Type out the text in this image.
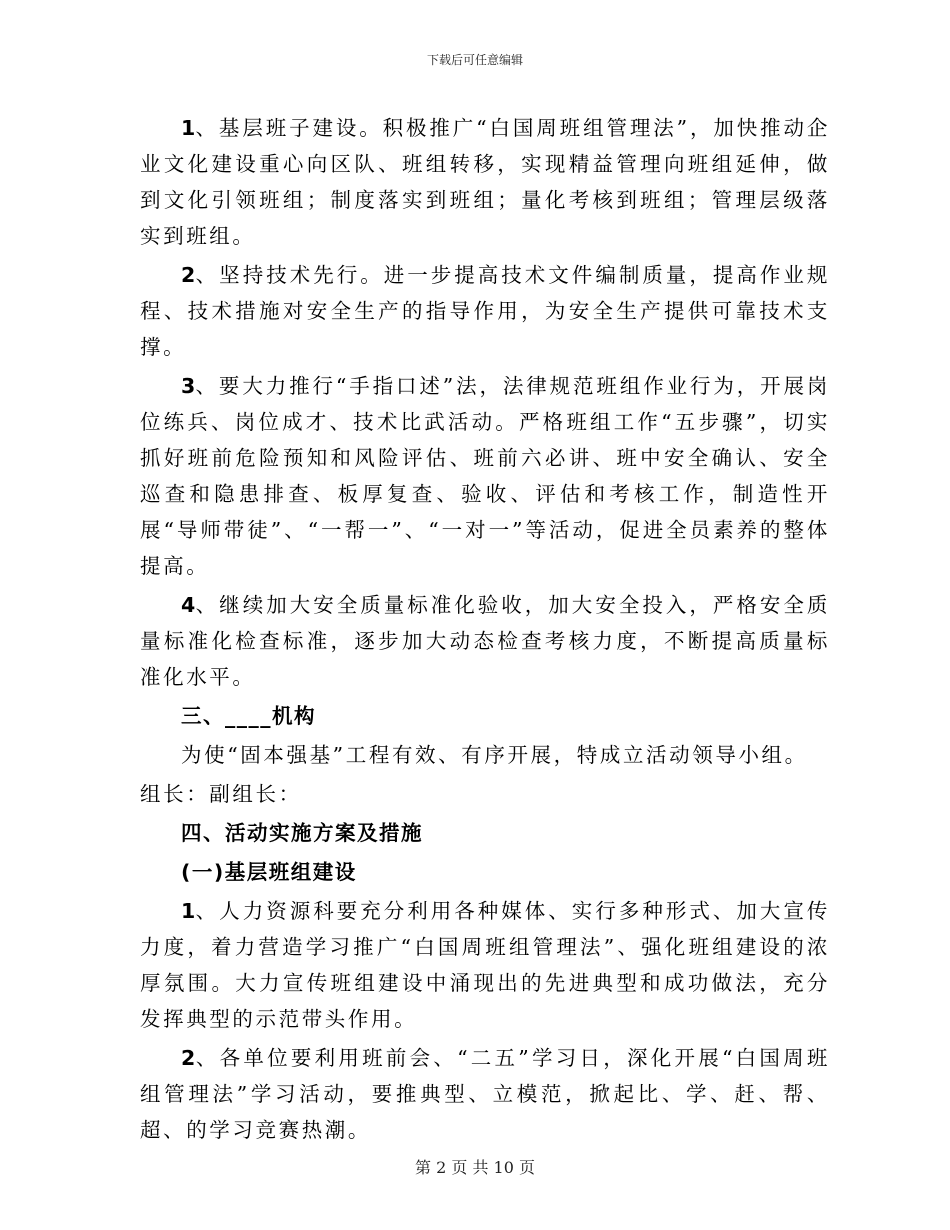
下载后可任意编辑

1、基层班子建设。积极推广“白国周班组管理法”，加快推动企业文化建设重心向区队、班组转移，实现精益管理向班组延伸，做到文化引领班组；制度落实到班组；量化考核到班组；管理层级落实到班组。

2、坚持技术先行。进一步提高技术文件编制质量，提高作业规程、技术措施对安全生产的指导作用，为安全生产提供可靠技术支撑。

3、要大力推行“手指口述”法，法律规范班组作业行为，开展岗位练兵、岗位成才、技术比武活动。严格班组工作“五步骤”，切实抓好班前危险预知和风险评估、班前六必讲、班中安全确认、安全巡查和隐患排查、板厚复查、验收、评估和考核工作，制造性开展“导师带徒”、“一帮一”、“一对一”等活动，促进全员素养的整体提高。

4、继续加大安全质量标准化验收，加大安全投入，严格安全质量标准化检查标准，逐步加大动态检查考核力度，不断提高质量标准化水平。

三、____机构

为使“固本强基”工程有效、有序开展，特成立活动领导小组。

组长：副组长：

四、活动实施方案及措施

(一)基层班组建设

1、人力资源科要充分利用各种媒体、实行多种形式、加大宣传力度，着力营造学习推广“白国周班组管理法”、强化班组建设的浓厚氛围。大力宣传班组建设中涌现出的先进典型和成功做法，充分发挥典型的示范带头作用。

2、各单位要利用班前会、“二五”学习日，深化开展“白国周班组管理法”学习活动，要推典型、立模范，掀起比、学、赶、帮、超、的学习竞赛热潮。

第 2 页 共 10 页
